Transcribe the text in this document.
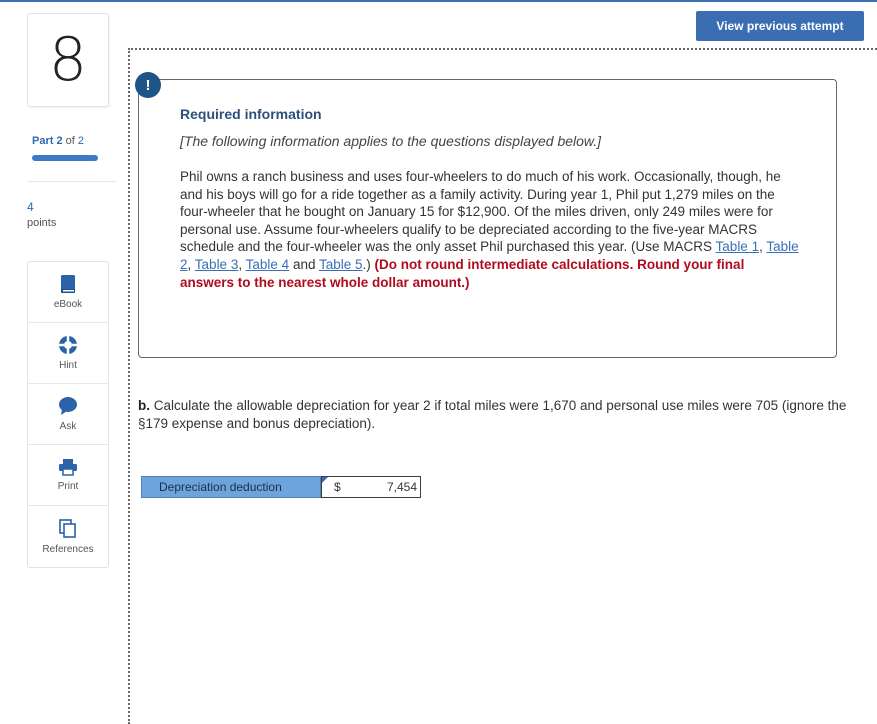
8
Part 2 of 2
4
points
eBook
Hint
Ask
Print
References
View previous attempt
!
Required information
[The following information applies to the questions displayed below.]
Phil owns a ranch business and uses four-wheelers to do much of his work. Occasionally, though, he and his boys will go for a ride together as a family activity. During year 1, Phil put 1,279 miles on the four-wheeler that he bought on January 15 for $12,900. Of the miles driven, only 249 miles were for personal use. Assume four-wheelers qualify to be depreciated according to the five-year MACRS schedule and the four-wheeler was the only asset Phil purchased this year. (Use MACRS Table 1, Table 2, Table 3, Table 4 and Table 5.) (Do not round intermediate calculations. Round your final answers to the nearest whole dollar amount.)
b. Calculate the allowable depreciation for year 2 if total miles were 1,670 and personal use miles were 705 (ignore the §179 expense and bonus depreciation).
Depreciation deduction	$	7,454
